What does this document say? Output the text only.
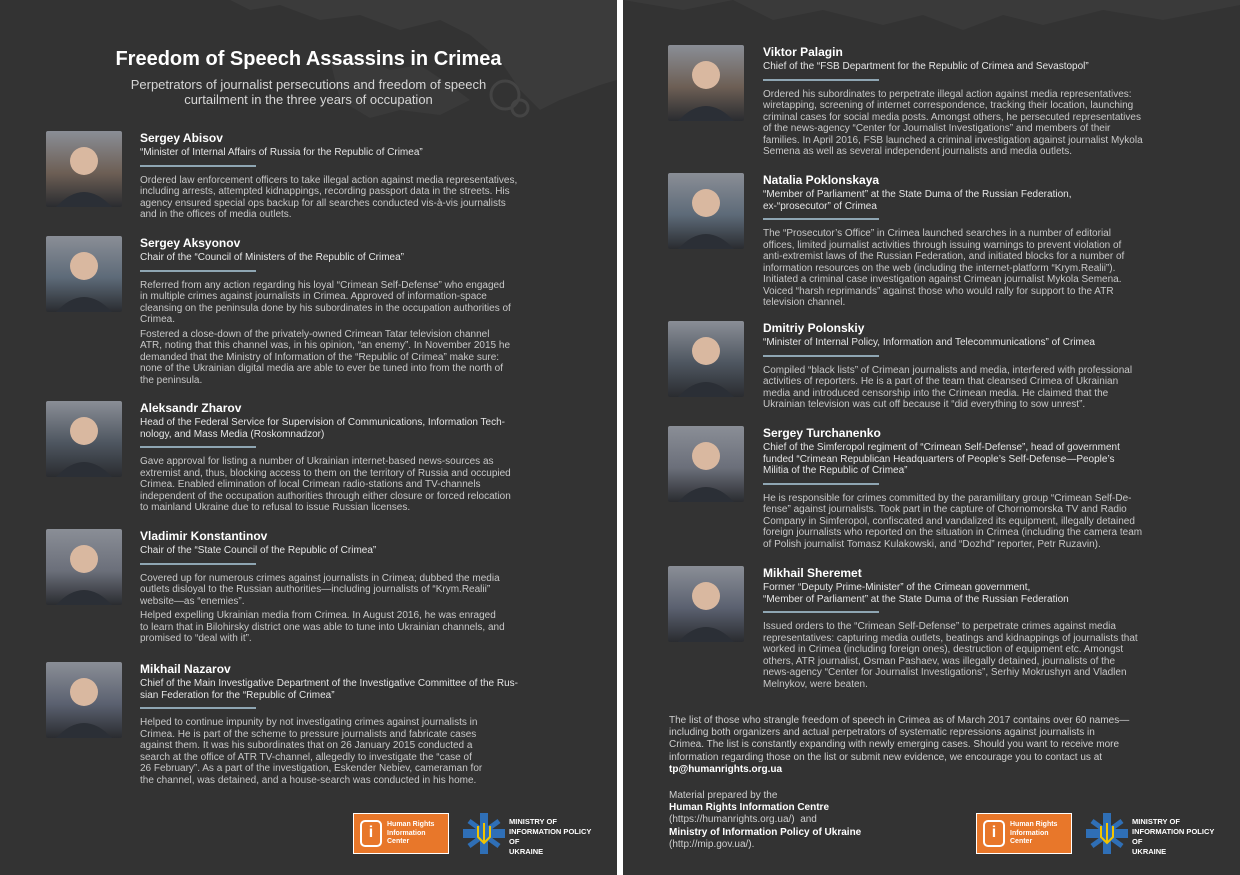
Freedom of Speech Assassins in Crimea

Perpetrators of journalist persecutions and freedom of speech
curtailment in the three years of occupation

Sergey Abisov

“Minister of Internal Affairs of Russia for the Republic of Crimea”

Ordered law enforcement officers to take illegal action against media representatives,
including arrests, attempted kidnappings, recording passport data in the streets. His
agency ensured special ops backup for all searches conducted vis-à-vis journalists
and in the offices of media outlets.

Sergey Aksyonov

Chair of the “Council of Ministers of the Republic of Crimea”

Referred from any action regarding his loyal “Crimean Self-Defense” who engaged
in multiple crimes against journalists in Crimea. Approved of information-space
cleansing on the peninsula done by his subordinates in the occupation authorities of
Crimea.

Fostered a close-down of the privately-owned Crimean Tatar television channel
ATR, noting that this channel was, in his opinion, “an enemy”. In November 2015 he
demanded that the Ministry of Information of the “Republic of Crimea” make sure:
none of the Ukrainian digital media are able to ever be tuned into from the north of
the peninsula.

Aleksandr Zharov

Head of the Federal Service for Supervision of Communications, Information Tech-
nology, and Mass Media (Roskomnadzor)

Gave approval for listing a number of Ukrainian internet-based news-sources as
extremist and, thus, blocking access to them on the territory of Russia and occupied
Crimea. Enabled elimination of local Crimean radio-stations and TV-channels
independent of the occupation authorities through either closure or forced relocation
to mainland Ukraine due to refusal to issue Russian licenses.

Vladimir Konstantinov

Chair of the “State Council of the Republic of Crimea”

Covered up for numerous crimes against journalists in Crimea; dubbed the media
outlets disloyal to the Russian authorities—including journalists of “Krym.Realii”
website—as “enemies”.

Helped expelling Ukrainian media from Crimea. In August 2016, he was enraged
to learn that in Bilohirsky district one was able to tune into Ukrainian channels, and
promised to “deal with it”.

Mikhail Nazarov

Chief of the Main Investigative Department of the Investigative Committee of the Rus-
sian Federation for the “Republic of Crimea”

Helped to continue impunity by not investigating crimes against journalists in
Crimea. He is part of the scheme to pressure journalists and fabricate cases
against them. It was his subordinates that on 26 January 2015 conducted a
search at the office of ATR TV-channel, allegedly to investigate the “case of
26 February”. As a part of the investigation, Eskender Nebiev, cameraman for
the channel, was detained, and a house-search was conducted in his home.

i	Human Rights
Information
Center
MINISTRY OF
INFORMATION POLICY OF
UKRAINE

Viktor Palagin

Chief of the “FSB Department for the Republic of Crimea and Sevastopol”

Ordered his subordinates to perpetrate illegal action against media representatives:
wiretapping, screening of internet correspondence, tracking their location, launching
criminal cases for social media posts. Amongst others, he persecuted representatives
of the news-agency “Center for Journalist Investigations” and members of their
families. In April 2016, FSB launched a criminal investigation against journalist Mykola
Semena as well as several independent journalists and media outlets.

Natalia Poklonskaya

“Member of Parliament” at the State Duma of the Russian Federation,
ex-“prosecutor” of Crimea

The “Prosecutor’s Office” in Crimea launched searches in a number of editorial
offices, limited journalist activities through issuing warnings to prevent violation of
anti-extremist laws of the Russian Federation, and initiated blocks for a number of
information resources on the web (including the internet-platform “Krym.Realii”).
Initiated a criminal case investigation against Crimean journalist Mykola Semena.
Voiced “harsh reprimands” against those who would rally for support to the ATR
television channel.

Dmitriy Polonskiy

“Minister of Internal Policy, Information and Telecommunications” of Crimea

Compiled “black lists” of Crimean journalists and media, interfered with professional
activities of reporters. He is a part of the team that cleansed Crimea of Ukrainian
media and introduced censorship into the Crimean media. He claimed that the
Ukrainian television was cut off because it “did everything to sow unrest”.

Sergey Turchanenko

Chief of the Simferopol regiment of “Crimean Self-Defense”, head of government
funded “Crimean Republican Headquarters of People’s Self-Defense—People’s
Militia of the Republic of Crimea”

He is responsible for crimes committed by the paramilitary group “Crimean Self-De-
fense” against journalists. Took part in the capture of Chornomorska TV and Radio
Company in Simferopol, confiscated and vandalized its equipment, illegally detained
foreign journalists who reported on the situation in Crimea (including the camera team
of Polish journalist Tomasz Kulakowski, and “Dozhd” reporter, Petr Ruzavin).

Mikhail Sheremet

Former “Deputy Prime-Minister” of the Crimean government,
“Member of Parliament” at the State Duma of the Russian Federation

Issued orders to the “Crimean Self-Defense” to perpetrate crimes against media
representatives: capturing media outlets, beatings and kidnappings of journalists that
worked in Crimea (including foreign ones), destruction of equipment etc. Amongst
others, ATR journalist, Osman Pashaev, was illegally detained, journalists of the
news-agency “Center for Journalist Investigations”, Serhiy Mokrushyn and Vladlen
Melnykov, were beaten.

The list of those who strangle freedom of speech in Crimea as of March 2017 contains over 60 names—
including both organizers and actual perpetrators of systematic repressions against journalists in
Crimea. The list is constantly expanding with newly emerging cases. Should you want to receive more
information regarding those on the list or submit new evidence, we encourage you to contact us at
tp@humanrights.org.ua

Material prepared by the
Human Rights Information Centre
(https://humanrights.org.ua/) and
Ministry of Information Policy of Ukraine
(http://mip.gov.ua/).

i	Human Rights
Information
Center
MINISTRY OF
INFORMATION POLICY OF
UKRAINE
